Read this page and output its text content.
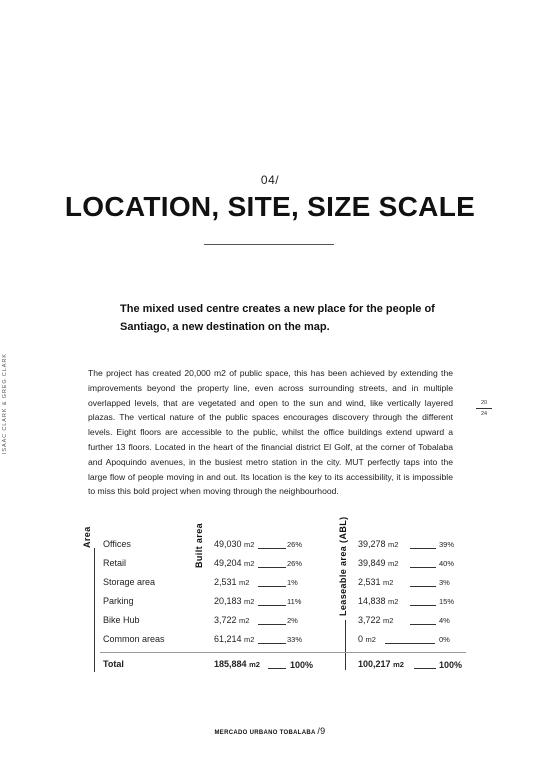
04/
LOCATION, SITE, SIZE SCALE
The mixed used centre creates a new place for the people of Santiago, a new destination on the map.
ISAAC CLARK & GREG CLARK	20
24
The project has created 20,000 m2 of public space, this has been achieved by extending the improvements beyond the property line, even across surrounding streets, and in multiple overlapped levels, that are vegetated and open to the sun and wind, like vertically layered plazas. The vertical nature of the public spaces encourages discovery through the different levels. Eight floors are accessible to the public, whilst the office buildings extend upward a further 13 floors. Located in the heart of the financial district El Golf, at the corner of Tobalaba and Apoquindo avenues, in the busiest metro station in the city. MUT perfectly taps into the large flow of people moving in and out. Its location is the key to its accessibility, it is impossible to miss this bold project when moving through the neighbourhood.
Area	Built area	Leaseable area (ABL)
Offices	49,030 m2	26%	39,278 m2	39%
Retail	49,204 m2	26%	39,849 m2	40%
Storage area	2,531 m2	1%	2,531 m2	3%
Parking	20,183 m2	11%	14,838 m2	15%
Bike Hub	3,722 m2	2%	3,722 m2	4%
Common areas	61,214 m2	33%	0 m2	0%
Total	185,884 m2	100%	100,217 m2	100%
MERCADO URBANO TOBALABA /9
